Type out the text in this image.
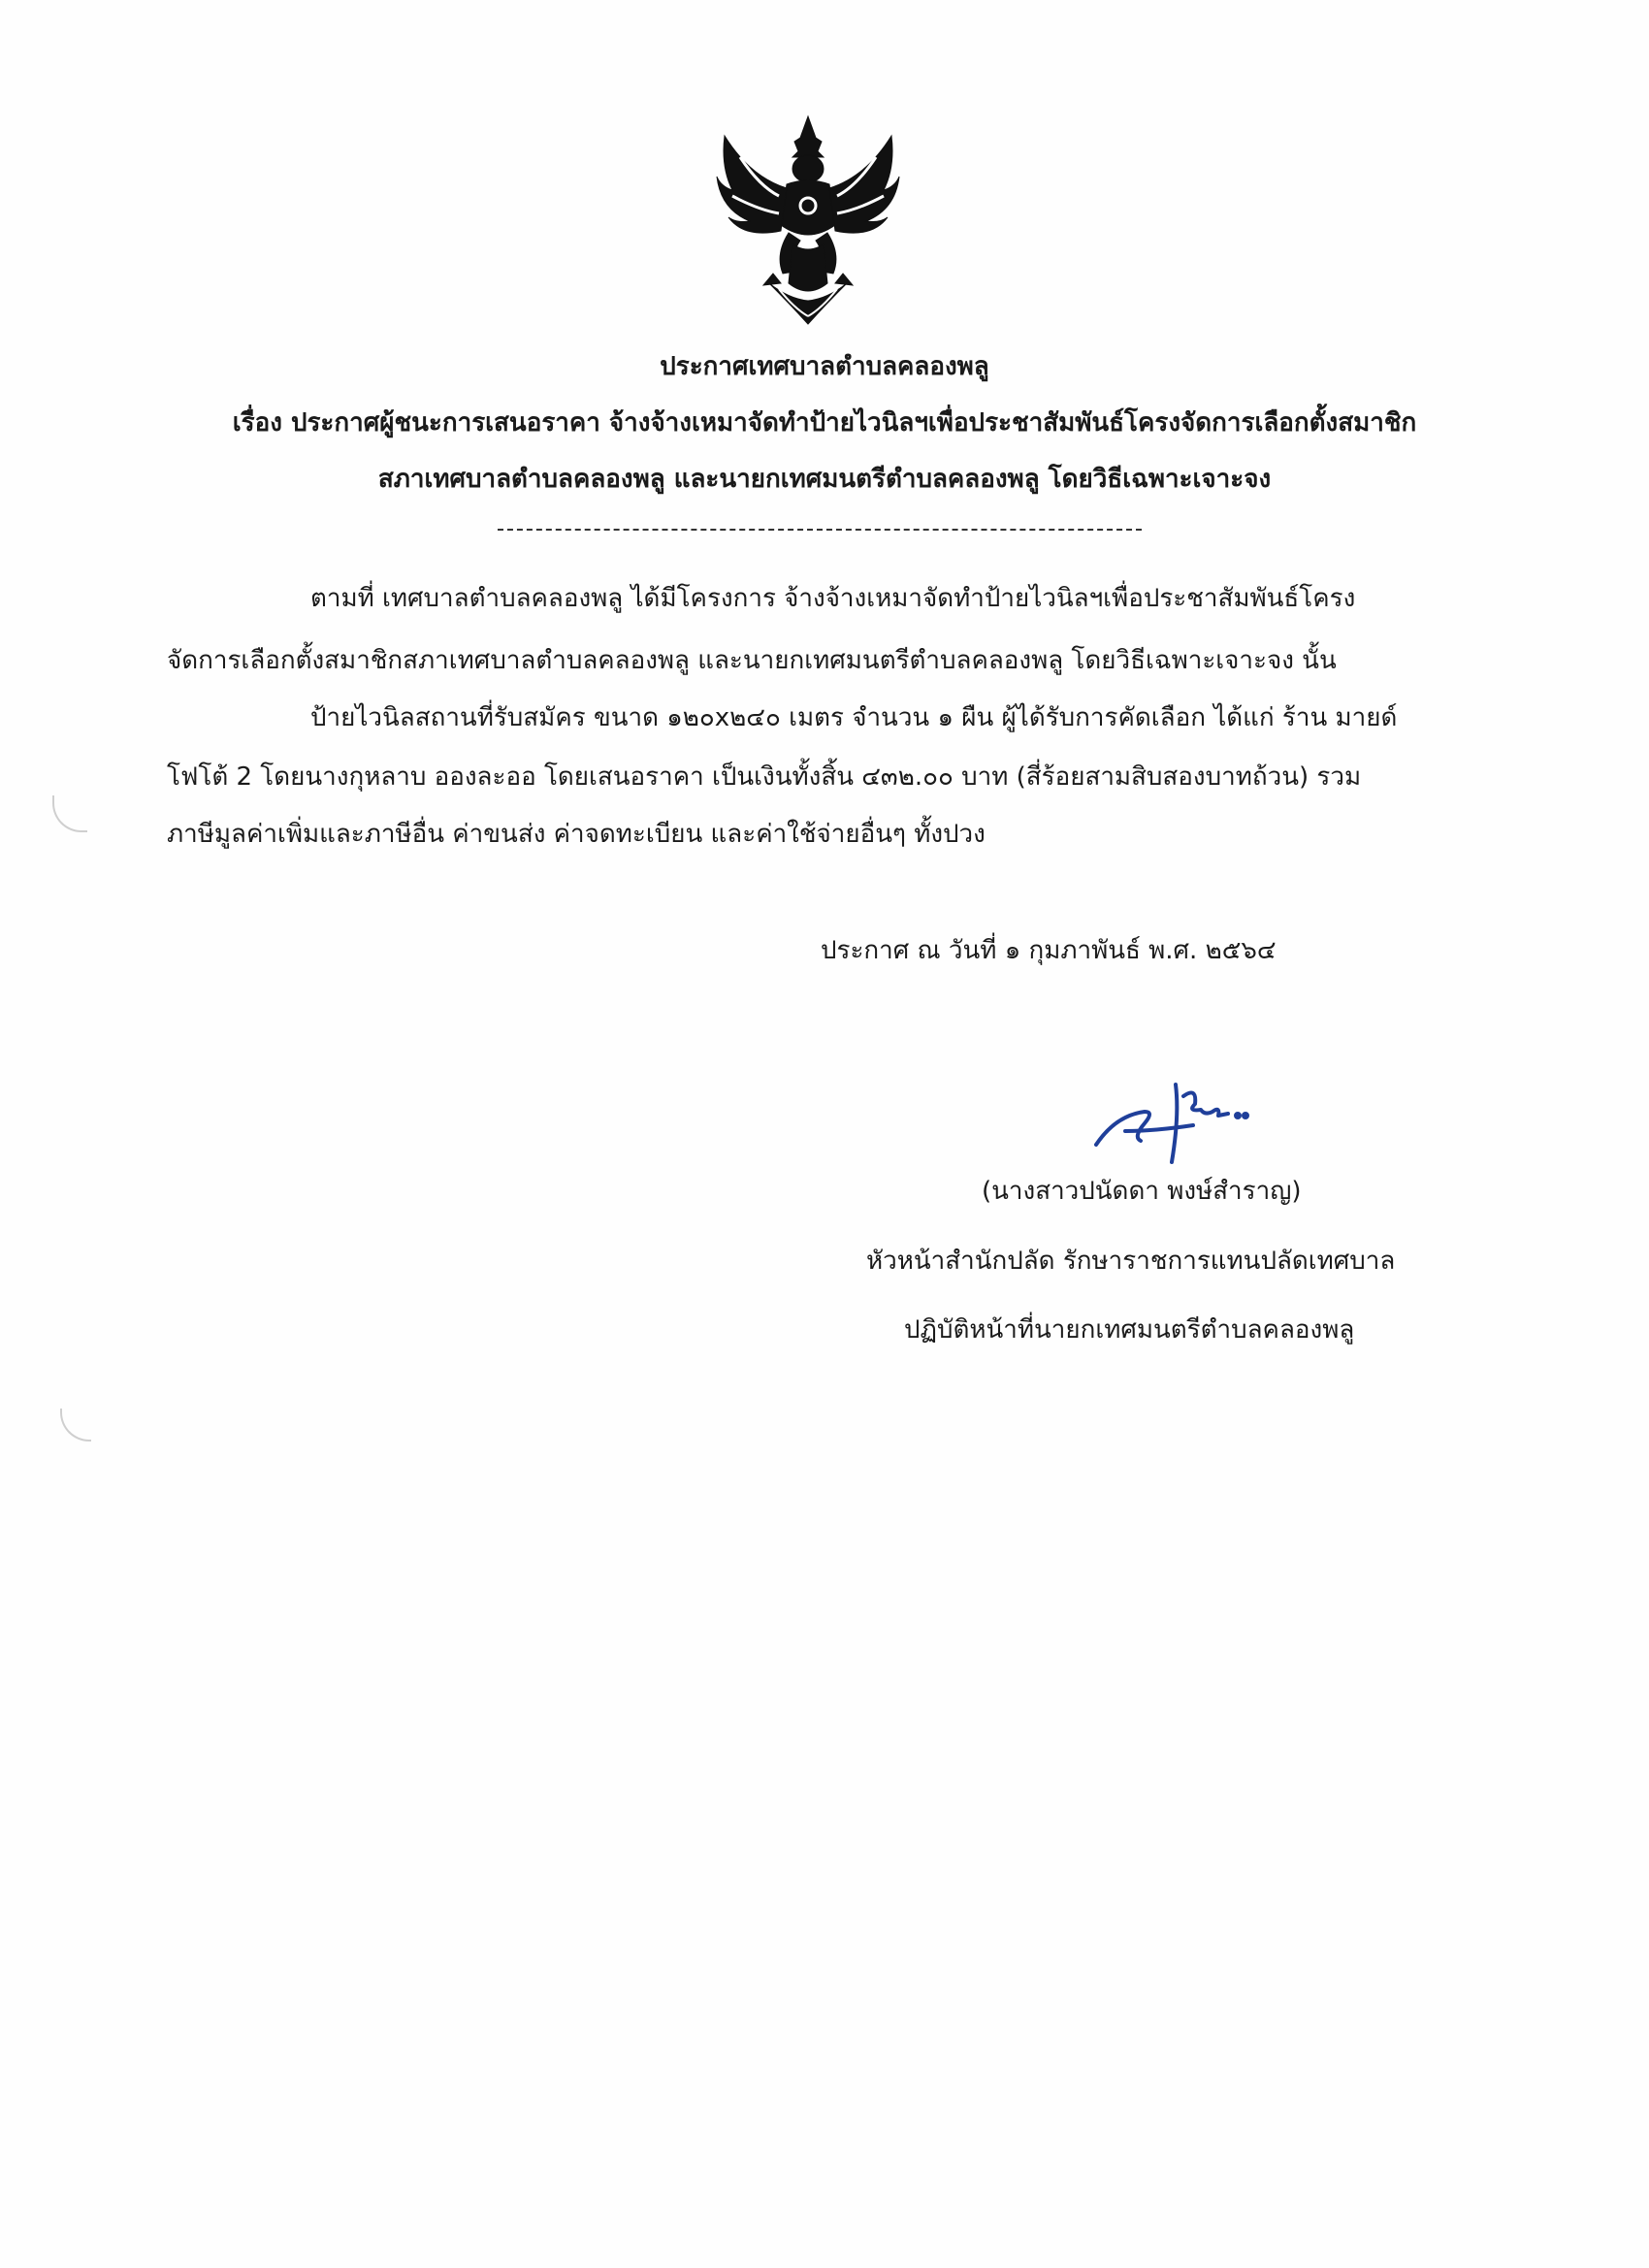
ประกาศเทศบาลตำบลคลองพลู
เรื่อง ประกาศผู้ชนะการเสนอราคา จ้างจ้างเหมาจัดทำป้ายไวนิลฯเพื่อประชาสัมพันธ์โครงจัดการเลือกตั้งสมาชิก
สภาเทศบาลตำบลคลองพลู และนายกเทศมนตรีตำบลคลองพลู โดยวิธีเฉพาะเจาะจง
ตามที่ เทศบาลตำบลคลองพลู ได้มีโครงการ จ้างจ้างเหมาจัดทำป้ายไวนิลฯเพื่อประชาสัมพันธ์โครง
จัดการเลือกตั้งสมาชิกสภาเทศบาลตำบลคลองพลู และนายกเทศมนตรีตำบลคลองพลู โดยวิธีเฉพาะเจาะจง นั้น
ป้ายไวนิลสถานที่รับสมัคร ขนาด ๑๒๐x๒๔๐ เมตร จำนวน ๑ ผืน ผู้ได้รับการคัดเลือก ได้แก่ ร้าน มายด์
โฟโต้ 2 โดยนางกุหลาบ อองละออ โดยเสนอราคา เป็นเงินทั้งสิ้น ๔๓๒.๐๐ บาท (สี่ร้อยสามสิบสองบาทถ้วน) รวม
ภาษีมูลค่าเพิ่มและภาษีอื่น ค่าขนส่ง ค่าจดทะเบียน และค่าใช้จ่ายอื่นๆ ทั้งปวง
ประกาศ ณ วันที่ ๑ กุมภาพันธ์ พ.ศ. ๒๕๖๔
(นางสาวปนัดดา พงษ์สำราญ)
หัวหน้าสำนักปลัด รักษาราชการแทนปลัดเทศบาล
ปฏิบัติหน้าที่นายกเทศมนตรีตำบลคลองพลู
